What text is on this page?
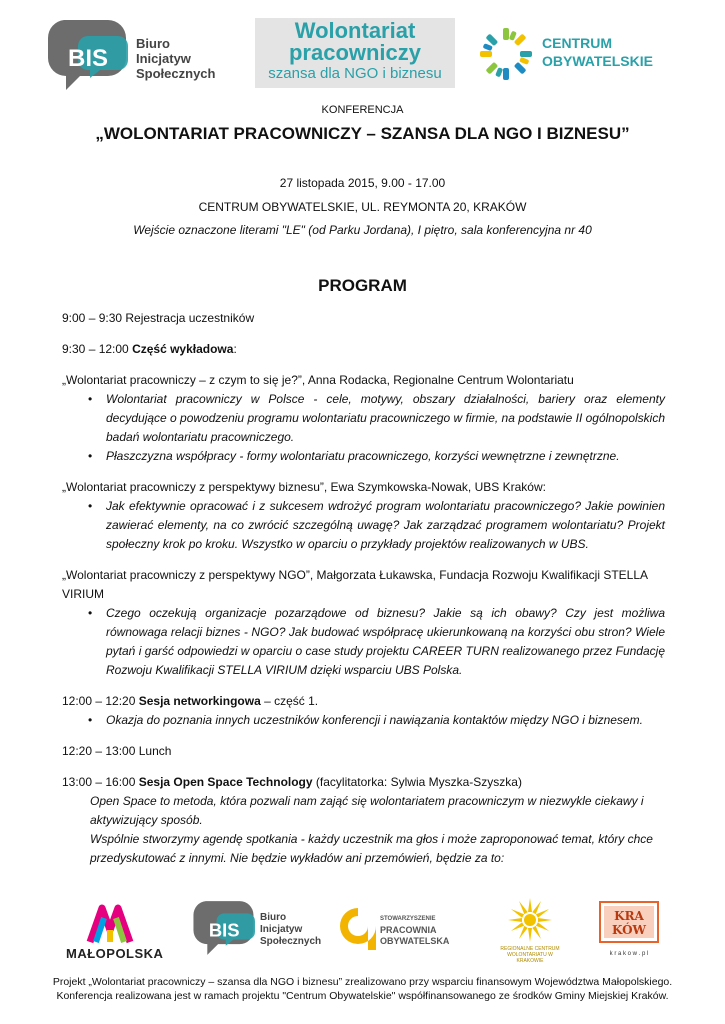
BIS
Biuro
Inicjatyw
Społecznych
Wolontariat
pracowniczy
szansa dla NGO i biznesu
CENTRUM
OBYWATELSKIE
KONFERENCJA
„WOLONTARIAT PRACOWNICZY – SZANSA DLA NGO I BIZNESU”
27 listopada 2015, 9.00 - 17.00
CENTRUM OBYWATELSKIE, UL. REYMONTA 20, KRAKÓW
Wejście oznaczone literami "LE" (od Parku Jordana), I piętro, sala konferencyjna nr 40
PROGRAM

9:00 – 9:30 Rejestracja uczestników

9:30 – 12:00 Część wykładowa:

„Wolontariat pracowniczy – z czym to się je?”, Anna Rodacka, Regionalne Centrum Wolontariatu

• Wolontariat pracowniczy w Polsce - cele, motywy, obszary działalności, bariery oraz elementy decydujące o powodzeniu programu wolontariatu pracowniczego w firmie, na podstawie II ogólnopolskich badań wolontariatu pracowniczego.
• Płaszczyzna współpracy - formy wolontariatu pracowniczego, korzyści wewnętrzne i zewnętrzne.

„Wolontariat pracowniczy z perspektywy biznesu”, Ewa Szymkowska-Nowak, UBS Kraków:

• Jak efektywnie opracować i z sukcesem wdrożyć program wolontariatu pracowniczego? Jakie powinien zawierać elementy, na co zwrócić szczególną uwagę? Jak zarządzać programem wolontariatu? Projekt społeczny krok po kroku. Wszystko w oparciu o przykłady projektów realizowanych w UBS.

„Wolontariat pracowniczy z perspektywy NGO”, Małgorzata Łukawska, Fundacja Rozwoju Kwalifikacji STELLA VIRIUM

• Czego oczekują organizacje pozarządowe od biznesu? Jakie są ich obawy? Czy jest możliwa równowaga relacji biznes - NGO? Jak budować współpracę ukierunkowaną na korzyści obu stron? Wiele pytań i garść odpowiedzi w oparciu o case study projektu CAREER TURN realizowanego przez Fundację Rozwoju Kwalifikacji STELLA VIRIUM dzięki wsparciu UBS Polska.

12:00 – 12:20 Sesja networkingowa – część 1.

• Okazja do poznania innych uczestników konferencji i nawiązania kontaktów między NGO i biznesem.

12:20 – 13:00 Lunch

13:00 – 16:00 Sesja Open Space Technology (facylitatorka: Sylwia Myszka-Szyszka)

Open Space to metoda, która pozwali nam zająć się wolontariatem pracowniczym w niezwykle ciekawy i aktywizujący sposób.

Wspólnie stworzymy agendę spotkania - każdy uczestnik ma głos i może zaproponować temat, który chce przedyskutować z innymi. Nie będzie wykładów ani przemówień, będzie za to:

MAŁOPOLSKA
BIS
Biuro
Inicjatyw
Społecznych
STOWARZYSZENIE
PRACOWNIA
OBYWATELSKA
REGIONALNE CENTRUM WOLONTARIATU W KRAKOWIE
KRA
KÓW
k r a k o w . p l
Projekt „Wolontariat pracowniczy – szansa dla NGO i biznesu” zrealizowano przy wsparciu finansowym Województwa Małopolskiego.
Konferencja realizowana jest w ramach projektu "Centrum Obywatelskie" współfinansowanego ze środków Gminy Miejskiej Kraków.
